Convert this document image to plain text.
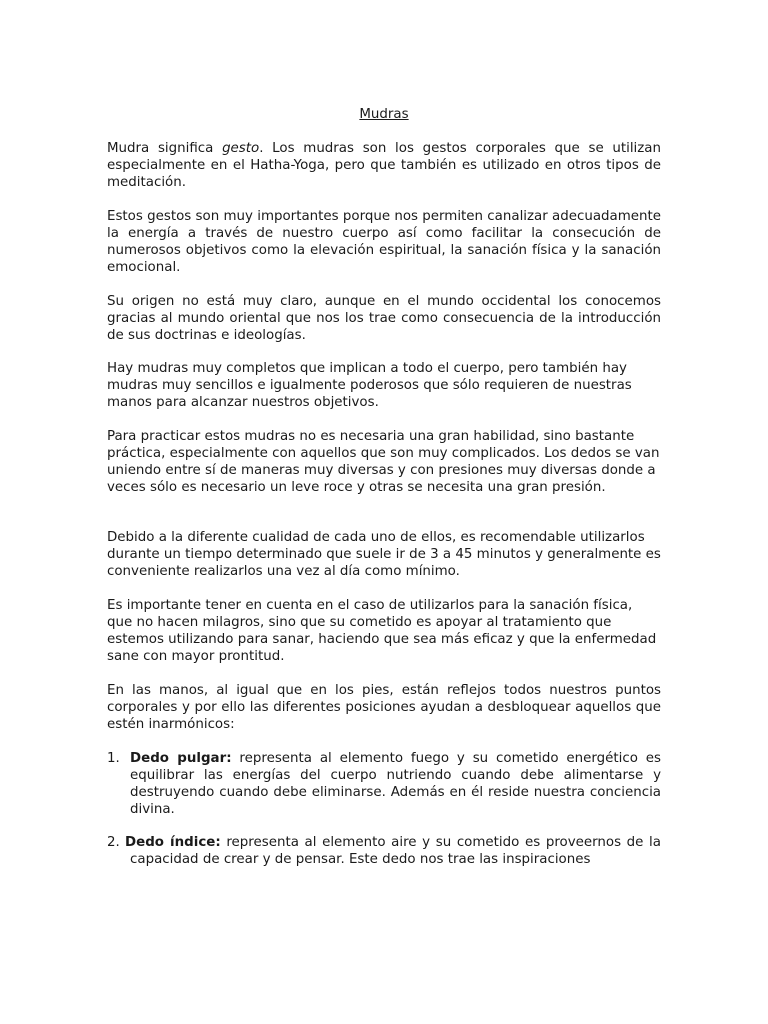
Mudras

Mudra significa gesto. Los mudras son los gestos corporales que se utilizan especialmente en el Hatha-Yoga, pero que también es utilizado en otros tipos de meditación.

Estos gestos son muy importantes porque nos permiten canalizar adecuadamente la energía a través de nuestro cuerpo así como facilitar la consecución de numerosos objetivos como la elevación espiritual, la sanación física y la sanación emocional.

Su origen no está muy claro, aunque en el mundo occidental los conocemos gracias al mundo oriental que nos los trae como consecuencia de la introducción de sus doctrinas e ideologías.

Hay mudras muy completos que implican a todo el cuerpo, pero también hay mudras muy sencillos e igualmente poderosos que sólo requieren de nuestras manos para alcanzar nuestros objetivos.

Para practicar estos mudras no es necesaria una gran habilidad, sino bastante práctica, especialmente con aquellos que son muy complicados. Los dedos se van uniendo entre sí de maneras muy diversas y con presiones muy diversas donde a veces sólo es necesario un leve roce y otras se necesita una gran presión.

Debido a la diferente cualidad de cada uno de ellos, es recomendable utilizarlos durante un tiempo determinado que suele ir de 3 a 45 minutos y generalmente es conveniente realizarlos una vez al día como mínimo.

Es importante tener en cuenta en el caso de utilizarlos para la sanación física, que no hacen milagros, sino que su cometido es apoyar al tratamiento que estemos utilizando para sanar, haciendo que sea más eficaz y que la enfermedad sane con mayor prontitud.

En las manos, al igual que en los pies, están reflejos todos nuestros puntos corporales y por ello las diferentes posiciones ayudan a desbloquear aquellos que estén inarmónicos:

1. Dedo pulgar: representa al elemento fuego y su cometido energético es equilibrar las energías del cuerpo nutriendo cuando debe alimentarse y destruyendo cuando debe eliminarse. Además en él reside nuestra conciencia divina.
2. Dedo índice: representa al elemento aire y su cometido es proveernos de la capacidad de crear y de pensar. Este dedo nos trae las inspiraciones
